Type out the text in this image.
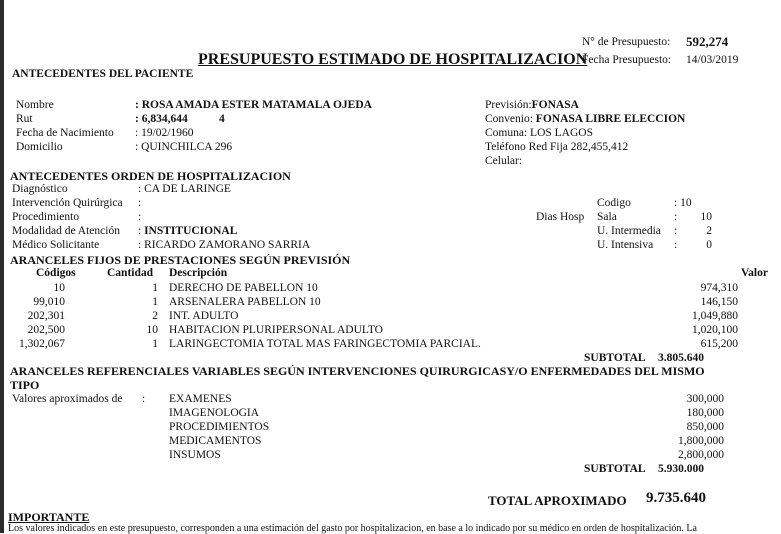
N° de Presupuesto: 592,274
Fecha Presupuesto: 14/03/2019
PRESUPUESTO ESTIMADO DE HOSPITALIZACION
ANTECEDENTES DEL PACIENTE
Nombre	: ROSA AMADA ESTER MATAMALA OJEDA
Rut	: 6,834,644	4
Fecha de Nacimiento : 19/02/1960
Domicilio	: QUINCHILCA 296
Previsión:FONASA
Convenio: FONASA LIBRE ELECCION
Comuna: LOS LAGOS
Teléfono Red Fija 282,455,412
Celular:
ANTECEDENTES ORDEN DE HOSPITALIZACION
Diagnóstico	: CA DE LARINGE
Intervención Quirúrgica :
Procedimiento	:
Modalidad de Atención : INSTITUCIONAL
Médico Solicitante	: RICARDO ZAMORANO SARRIA
Codigo	: 10
Dias Hosp Sala	:	10
U. Intermedia :	2
U. Intensiva :	0
ARANCELES FIJOS DE PRESTACIONES SEGÚN PREVISIÓN
Códigos	Cantidad Descripción	Valor
10	1 DERECHO DE PABELLON 10	974,310
99,010	1 ARSENALERA PABELLON 10	146,150
202,301	2 INT. ADULTO	1,049,880
202,500	10 HABITACION PLURIPERSONAL ADULTO	1,020,100
1,302,067	1 LARINGECTOMIA TOTAL MAS FARINGECTOMIA PARCIAL.	615,200
SUBTOTAL 3.805.640
ARANCELES REFERENCIALES VARIABLES SEGÚN INTERVENCIONES QUIRURGICASY/O ENFERMEDADES DEL MISMO
TIPO
Valores aproximados de : EXAMENES	300,000
IMAGENOLOGIA	180,000
PROCEDIMIENTOS	850,000
MEDICAMENTOS	1,800,000
INSUMOS	2,800,000
SUBTOTAL 5.930.000
TOTAL APROXIMADO 9.735.640
IMPORTANTE
Los valores indicados en este presupuesto, corresponden a una estimación del gasto por hospitalizacion, en base a lo indicado por su médico en orden de hospitalización. La
